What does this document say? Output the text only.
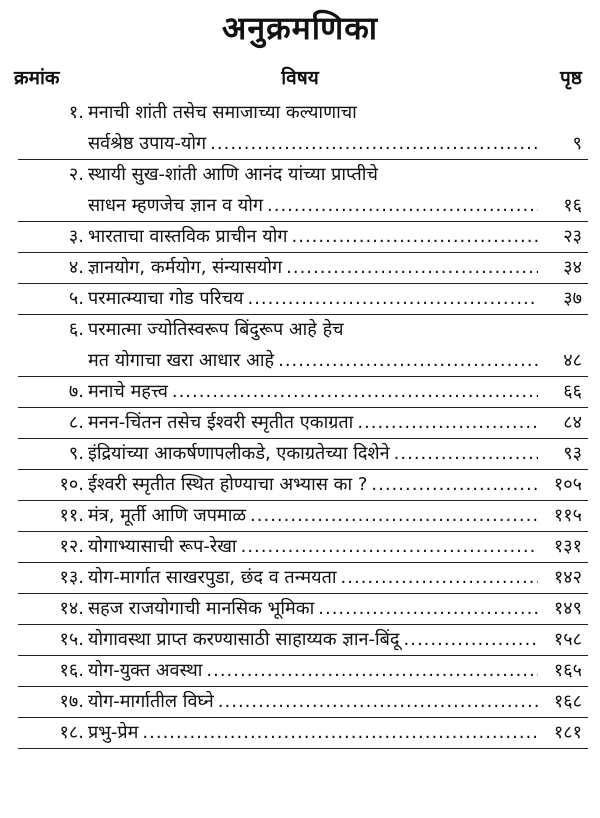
अनुक्रमणिका
क्रमांक	विषय	पृष्ठ
१. मनाची शांती तसेच समाजाच्या कल्याणाचा
सर्वश्रेष्ठ उपाय-योग .....	९
२. स्थायी सुख-शांती आणि आनंद यांच्या प्राप्तीचे
साधन म्हणजेच ज्ञान व योग .....	१६
३. भारताचा वास्तविक प्राचीन योग .....	२३
४. ज्ञानयोग, कर्मयोग, संन्यासयोग .....	३४
५. परमात्म्याचा गोड परिचय .....	३७
६. परमात्मा ज्योतिस्वरूप बिंदुरूप आहे हेच
मत योगाचा खरा आधार आहे .....	४८
७. मनाचे महत्त्व .....	६६
८. मनन-चिंतन तसेच ईश्वरी स्मृतीत एकाग्रता .....	८४
९. इंद्रियांच्या आकर्षणापलीकडे, एकाग्रतेच्या दिशेने .....	९३
१०. ईश्वरी स्मृतीत स्थित होण्याचा अभ्यास का ? .....	१०५
११. मंत्र, मूर्ती आणि जपमाळ .....	११५
१२. योगाभ्यासाची रूप-रेखा .....	१३१
१३. योग-मार्गात साखरपुडा, छंद व तन्मयता .....	१४२
१४. सहज राजयोगाची मानसिक भूमिका .....	१४९
१५. योगावस्था प्राप्त करण्यासाठी साहाय्यक ज्ञान-बिंदू .....	१५८
१६. योग-युक्त अवस्था .....	१६५
१७. योग-मार्गातील विघ्ने .....	१६८
१८. प्रभु-प्रेम .....	१८१
